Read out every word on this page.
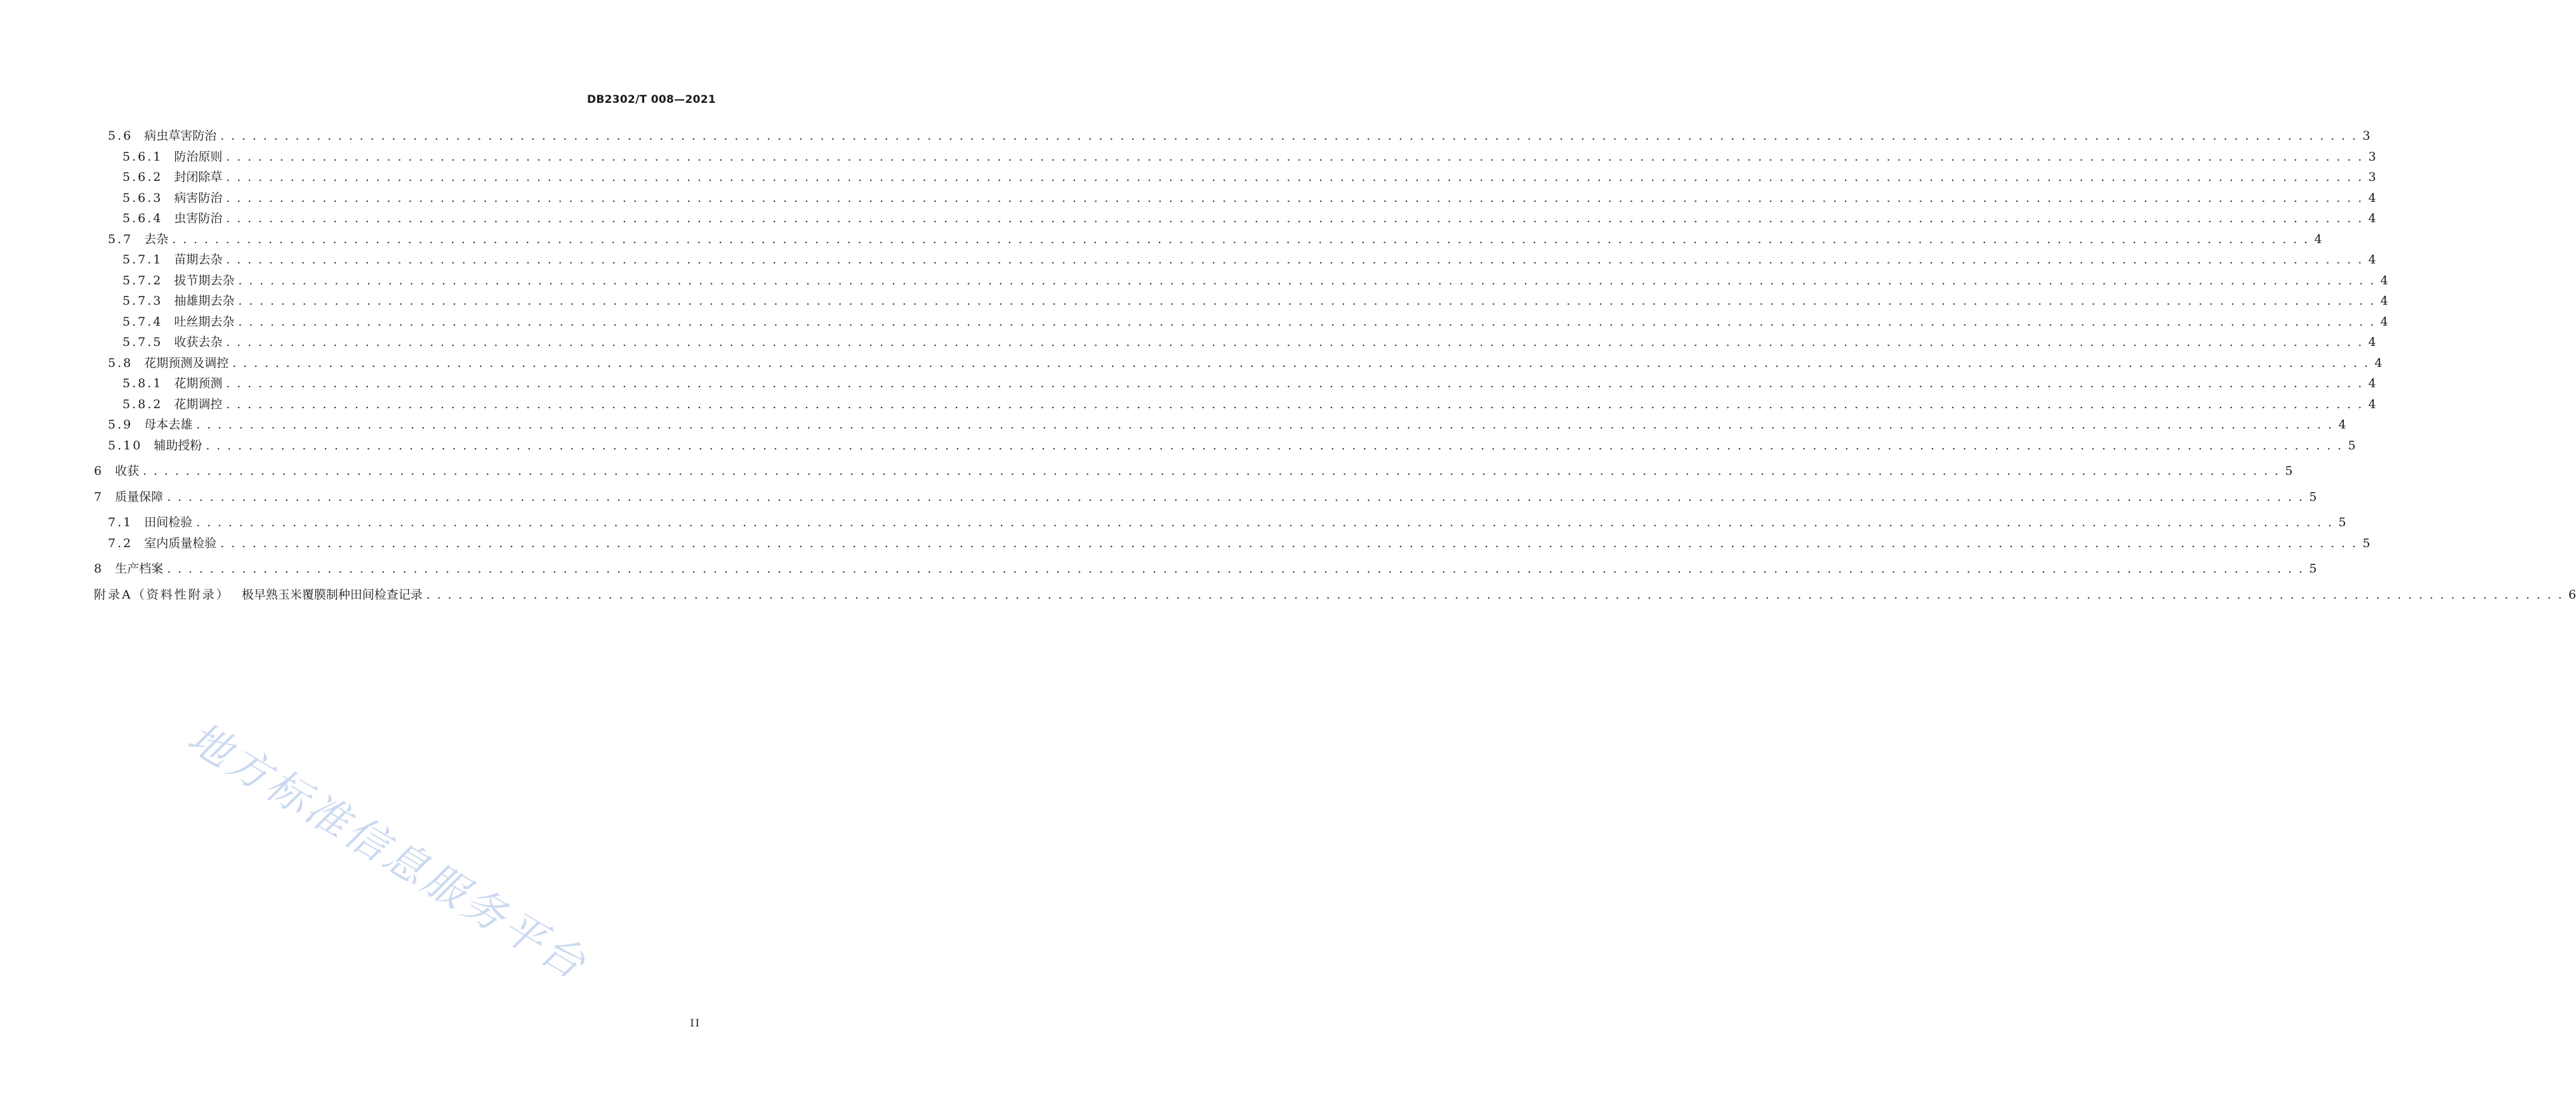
DB2302/T 008—2021
5.6 病虫草害防治 . . . . . . . . . . . . . . . . . . . . . . . . . . . . . . . . . . . . . . . . . . . . . . . . . . . . . . . . . . . . . . . . . . . . . . . . . . . . . . . . . . . . . . . . . . . . . . . . . . . . . . . . . . . . . . . . . . . . . . . . . . . . . . . . . . . . . . . . . . . . . . . . . . . . . . . . . . . . . . . . . . . . . . . . . . . . . . . . . . . . . . . . . . . . . . . . . . . . . . . . 3
5.6.1 防治原则 . . . . . . . . . . . . . . . . . . . . . . . . . . . . . . . . . . . . . . . . . . . . . . . . . . . . . . . . . . . . . . . . . . . . . . . . . . . . . . . . . . . . . . . . . . . . . . . . . . . . . . . . . . . . . . . . . . . . . . . . . . . . . . . . . . . . . . . . . . . . . . . . . . . . . . . . . . . . . . . . . . . . . . . . . . . . . . . . . . . . . . . . . . . . . . . . . . . . . . . . 3
5.6.2 封闭除草 . . . . . . . . . . . . . . . . . . . . . . . . . . . . . . . . . . . . . . . . . . . . . . . . . . . . . . . . . . . . . . . . . . . . . . . . . . . . . . . . . . . . . . . . . . . . . . . . . . . . . . . . . . . . . . . . . . . . . . . . . . . . . . . . . . . . . . . . . . . . . . . . . . . . . . . . . . . . . . . . . . . . . . . . . . . . . . . . . . . . . . . . . . . . . . . . . . . . . . . . 3
5.6.3 病害防治 . . . . . . . . . . . . . . . . . . . . . . . . . . . . . . . . . . . . . . . . . . . . . . . . . . . . . . . . . . . . . . . . . . . . . . . . . . . . . . . . . . . . . . . . . . . . . . . . . . . . . . . . . . . . . . . . . . . . . . . . . . . . . . . . . . . . . . . . . . . . . . . . . . . . . . . . . . . . . . . . . . . . . . . . . . . . . . . . . . . . . . . . . . . . . . . . . . . . . . . . 4
5.6.4 虫害防治 . . . . . . . . . . . . . . . . . . . . . . . . . . . . . . . . . . . . . . . . . . . . . . . . . . . . . . . . . . . . . . . . . . . . . . . . . . . . . . . . . . . . . . . . . . . . . . . . . . . . . . . . . . . . . . . . . . . . . . . . . . . . . . . . . . . . . . . . . . . . . . . . . . . . . . . . . . . . . . . . . . . . . . . . . . . . . . . . . . . . . . . . . . . . . . . . . . . . . . . . 4
5.7 去杂 . . . . . . . . . . . . . . . . . . . . . . . . . . . . . . . . . . . . . . . . . . . . . . . . . . . . . . . . . . . . . . . . . . . . . . . . . . . . . . . . . . . . . . . . . . . . . . . . . . . . . . . . . . . . . . . . . . . . . . . . . . . . . . . . . . . . . . . . . . . . . . . . . . . . . . . . . . . . . . . . . . . . . . . . . . . . . . . . . . . . . . . . . . . . . . . . . . . . . . . . 4
5.7.1 苗期去杂 . . . . . . . . . . . . . . . . . . . . . . . . . . . . . . . . . . . . . . . . . . . . . . . . . . . . . . . . . . . . . . . . . . . . . . . . . . . . . . . . . . . . . . . . . . . . . . . . . . . . . . . . . . . . . . . . . . . . . . . . . . . . . . . . . . . . . . . . . . . . . . . . . . . . . . . . . . . . . . . . . . . . . . . . . . . . . . . . . . . . . . . . . . . . . . . . . . . . . . . . 4
5.7.2 拔节期去杂 . . . . . . . . . . . . . . . . . . . . . . . . . . . . . . . . . . . . . . . . . . . . . . . . . . . . . . . . . . . . . . . . . . . . . . . . . . . . . . . . . . . . . . . . . . . . . . . . . . . . . . . . . . . . . . . . . . . . . . . . . . . . . . . . . . . . . . . . . . . . . . . . . . . . . . . . . . . . . . . . . . . . . . . . . . . . . . . . . . . . . . . . . . . . . . . . . . . . . . . . 4
5.7.3 抽雄期去杂 . . . . . . . . . . . . . . . . . . . . . . . . . . . . . . . . . . . . . . . . . . . . . . . . . . . . . . . . . . . . . . . . . . . . . . . . . . . . . . . . . . . . . . . . . . . . . . . . . . . . . . . . . . . . . . . . . . . . . . . . . . . . . . . . . . . . . . . . . . . . . . . . . . . . . . . . . . . . . . . . . . . . . . . . . . . . . . . . . . . . . . . . . . . . . . . . . . . . . . . . 4
5.7.4 吐丝期去杂 . . . . . . . . . . . . . . . . . . . . . . . . . . . . . . . . . . . . . . . . . . . . . . . . . . . . . . . . . . . . . . . . . . . . . . . . . . . . . . . . . . . . . . . . . . . . . . . . . . . . . . . . . . . . . . . . . . . . . . . . . . . . . . . . . . . . . . . . . . . . . . . . . . . . . . . . . . . . . . . . . . . . . . . . . . . . . . . . . . . . . . . . . . . . . . . . . . . . . . . . 4
5.7.5 收获去杂 . . . . . . . . . . . . . . . . . . . . . . . . . . . . . . . . . . . . . . . . . . . . . . . . . . . . . . . . . . . . . . . . . . . . . . . . . . . . . . . . . . . . . . . . . . . . . . . . . . . . . . . . . . . . . . . . . . . . . . . . . . . . . . . . . . . . . . . . . . . . . . . . . . . . . . . . . . . . . . . . . . . . . . . . . . . . . . . . . . . . . . . . . . . . . . . . . . . . . . . . 4
5.8 花期预测及调控 . . . . . . . . . . . . . . . . . . . . . . . . . . . . . . . . . . . . . . . . . . . . . . . . . . . . . . . . . . . . . . . . . . . . . . . . . . . . . . . . . . . . . . . . . . . . . . . . . . . . . . . . . . . . . . . . . . . . . . . . . . . . . . . . . . . . . . . . . . . . . . . . . . . . . . . . . . . . . . . . . . . . . . . . . . . . . . . . . . . . . . . . . . . . . . . . . . . . . . . . 4
5.8.1 花期预测 . . . . . . . . . . . . . . . . . . . . . . . . . . . . . . . . . . . . . . . . . . . . . . . . . . . . . . . . . . . . . . . . . . . . . . . . . . . . . . . . . . . . . . . . . . . . . . . . . . . . . . . . . . . . . . . . . . . . . . . . . . . . . . . . . . . . . . . . . . . . . . . . . . . . . . . . . . . . . . . . . . . . . . . . . . . . . . . . . . . . . . . . . . . . . . . . . . . . . . . . 4
5.8.2 花期调控 . . . . . . . . . . . . . . . . . . . . . . . . . . . . . . . . . . . . . . . . . . . . . . . . . . . . . . . . . . . . . . . . . . . . . . . . . . . . . . . . . . . . . . . . . . . . . . . . . . . . . . . . . . . . . . . . . . . . . . . . . . . . . . . . . . . . . . . . . . . . . . . . . . . . . . . . . . . . . . . . . . . . . . . . . . . . . . . . . . . . . . . . . . . . . . . . . . . . . . . . 4
5.9 母本去雄 . . . . . . . . . . . . . . . . . . . . . . . . . . . . . . . . . . . . . . . . . . . . . . . . . . . . . . . . . . . . . . . . . . . . . . . . . . . . . . . . . . . . . . . . . . . . . . . . . . . . . . . . . . . . . . . . . . . . . . . . . . . . . . . . . . . . . . . . . . . . . . . . . . . . . . . . . . . . . . . . . . . . . . . . . . . . . . . . . . . . . . . . . . . . . . . . . . . . . . . . 4
5.10 辅助授粉 . . . . . . . . . . . . . . . . . . . . . . . . . . . . . . . . . . . . . . . . . . . . . . . . . . . . . . . . . . . . . . . . . . . . . . . . . . . . . . . . . . . . . . . . . . . . . . . . . . . . . . . . . . . . . . . . . . . . . . . . . . . . . . . . . . . . . . . . . . . . . . . . . . . . . . . . . . . . . . . . . . . . . . . . . . . . . . . . . . . . . . . . . . . . . . . . . . . . . . . . 5
6 收获 . . . . . . . . . . . . . . . . . . . . . . . . . . . . . . . . . . . . . . . . . . . . . . . . . . . . . . . . . . . . . . . . . . . . . . . . . . . . . . . . . . . . . . . . . . . . . . . . . . . . . . . . . . . . . . . . . . . . . . . . . . . . . . . . . . . . . . . . . . . . . . . . . . . . . . . . . . . . . . . . . . . . . . . . . . . . . . . . . . . . . . . . . . . . . . . . . . . . . . . . 5
7 质量保障 . . . . . . . . . . . . . . . . . . . . . . . . . . . . . . . . . . . . . . . . . . . . . . . . . . . . . . . . . . . . . . . . . . . . . . . . . . . . . . . . . . . . . . . . . . . . . . . . . . . . . . . . . . . . . . . . . . . . . . . . . . . . . . . . . . . . . . . . . . . . . . . . . . . . . . . . . . . . . . . . . . . . . . . . . . . . . . . . . . . . . . . . . . . . . . . . . . . . . . . . 5
7.1 田间检验 . . . . . . . . . . . . . . . . . . . . . . . . . . . . . . . . . . . . . . . . . . . . . . . . . . . . . . . . . . . . . . . . . . . . . . . . . . . . . . . . . . . . . . . . . . . . . . . . . . . . . . . . . . . . . . . . . . . . . . . . . . . . . . . . . . . . . . . . . . . . . . . . . . . . . . . . . . . . . . . . . . . . . . . . . . . . . . . . . . . . . . . . . . . . . . . . . . . . . . . . 5
7.2 室内质量检验 . . . . . . . . . . . . . . . . . . . . . . . . . . . . . . . . . . . . . . . . . . . . . . . . . . . . . . . . . . . . . . . . . . . . . . . . . . . . . . . . . . . . . . . . . . . . . . . . . . . . . . . . . . . . . . . . . . . . . . . . . . . . . . . . . . . . . . . . . . . . . . . . . . . . . . . . . . . . . . . . . . . . . . . . . . . . . . . . . . . . . . . . . . . . . . . . . . . . . . . . 5
8 生产档案 . . . . . . . . . . . . . . . . . . . . . . . . . . . . . . . . . . . . . . . . . . . . . . . . . . . . . . . . . . . . . . . . . . . . . . . . . . . . . . . . . . . . . . . . . . . . . . . . . . . . . . . . . . . . . . . . . . . . . . . . . . . . . . . . . . . . . . . . . . . . . . . . . . . . . . . . . . . . . . . . . . . . . . . . . . . . . . . . . . . . . . . . . . . . . . . . . . . . . . . . 5
附录A（资料性附录） 极早熟玉米覆膜制种田间检查记录 . . . . . . . . . . . . . . . . . . . . . . . . . . . . . . . . . . . . . . . . . . . . . . . . . . . . . . . . . . . . . . . . . . . . . . . . . . . . . . . . . . . . . . . . . . . . . . . . . . . . . . . . . . . . . . . . . . . . . . . . . . . . . . . . . . . . . . . . . . . . . . . . . . . . . . . . . . . . . . . . . . . . . . . . . . . . . . . . . . . . . . . . . . . . . . . . . . . . . . . . 6
地方标准信息服务平台
II
